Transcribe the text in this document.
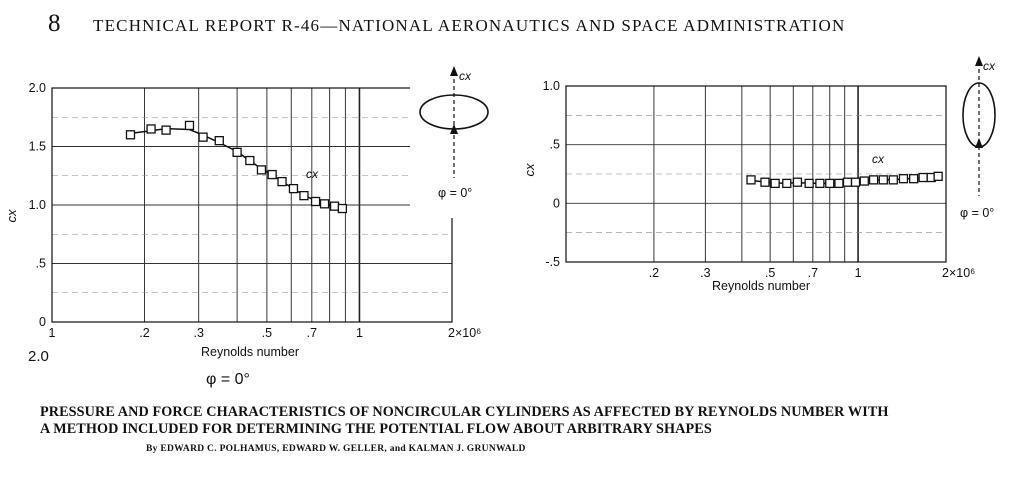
8 TECHNICAL REPORT R-46—NATIONAL AERONAUTICS AND SPACE ADMINISTRATION
1	.2	.3	.5	.7	1	2×10⁶
0
.5
1.0
1.5
2.0
Reynolds number
cx
cx
cx
φ = 0°
.2	.3	.5	.7	1	2×10⁶
-.5
0
.5
1.0
Reynolds number
cx
cx
cx
φ = 0°
2.0
φ = 0°
PRESSURE AND FORCE CHARACTERISTICS OF NONCIRCULAR CYLINDERS AS AFFECTED BY REYNOLDS NUMBER WITH
A METHOD INCLUDED FOR DETERMINING THE POTENTIAL FLOW ABOUT ARBITRARY SHAPES
By EDWARD C. POLHAMUS, EDWARD W. GELLER, and KALMAN J. GRUNWALD
